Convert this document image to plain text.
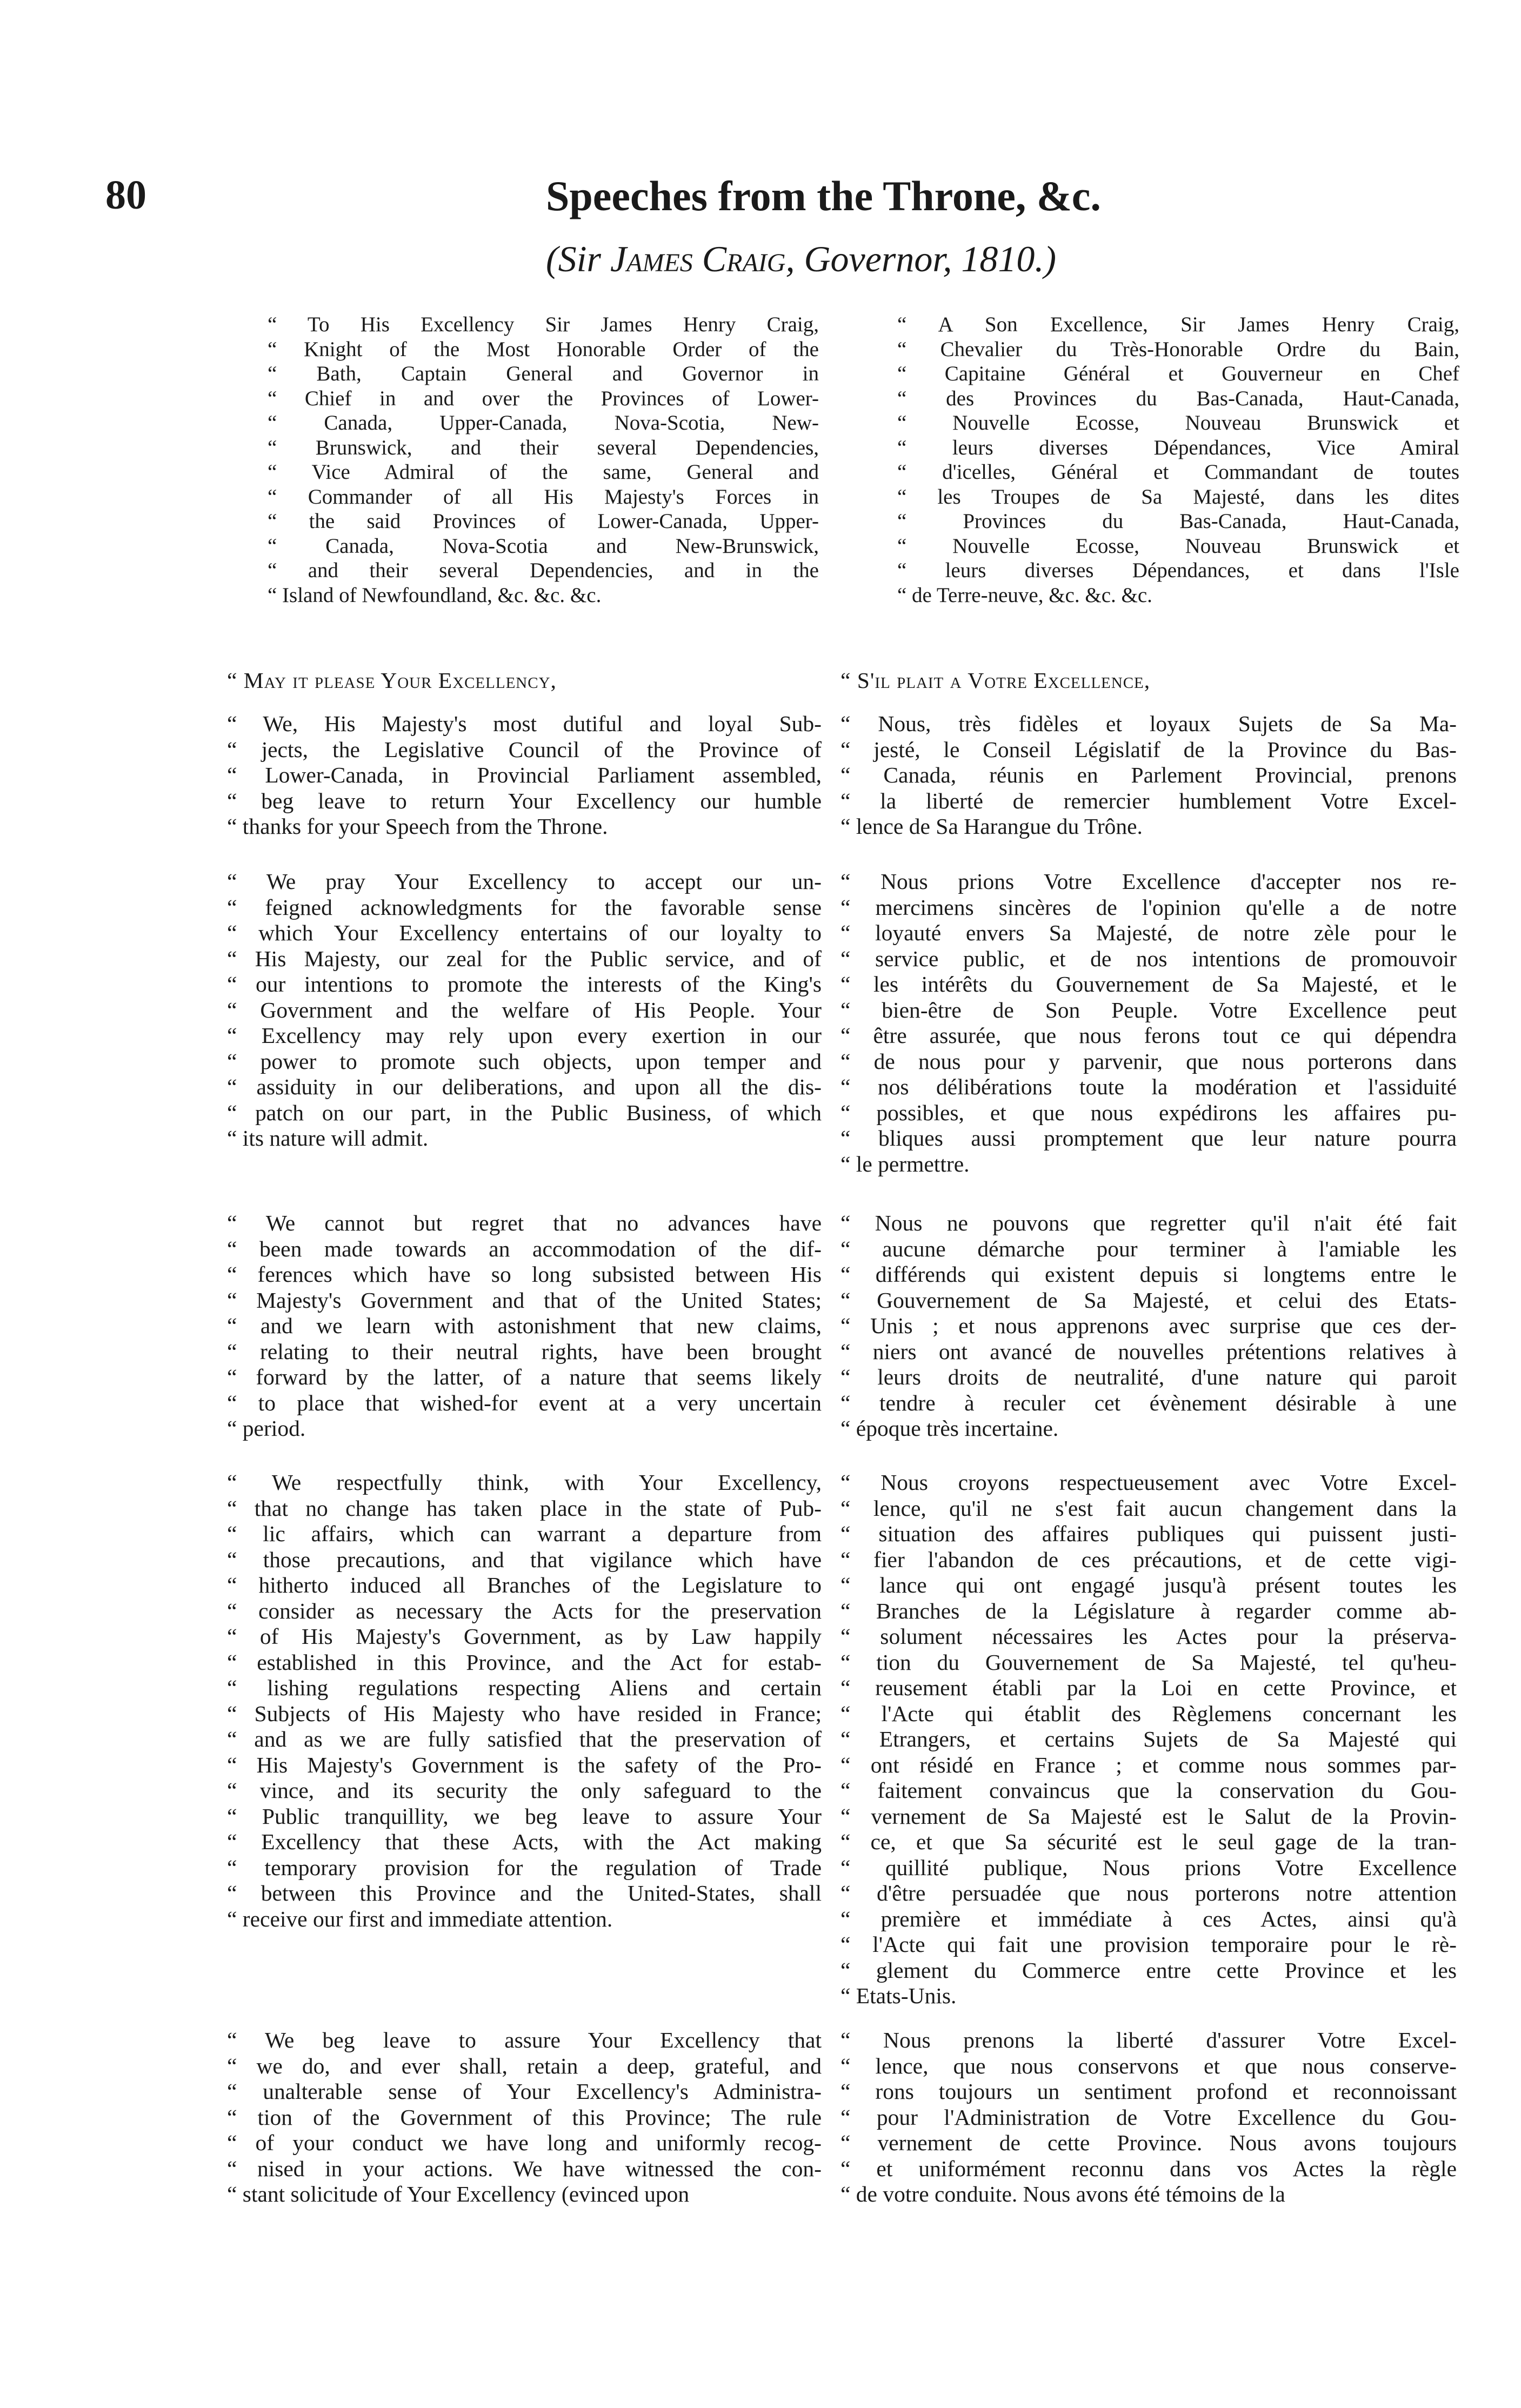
80	Speeches from the Throne, &c.
(Sir James Craig, Governor, 1810.)
“ To His Excellency Sir James Henry Craig,
“ Knight of the Most Honorable Order of the
“ Bath, Captain General and Governor in
“ Chief in and over the Provinces of Lower-
“ Canada, Upper-Canada, Nova-Scotia, New-
“ Brunswick, and their several Dependencies,
“ Vice Admiral of the same, General and
“ Commander of all His Majesty's Forces in
“ the said Provinces of Lower-Canada, Upper-
“ Canada, Nova-Scotia and New-Brunswick,
“ and their several Dependencies, and in the
“ Island of Newfoundland, &c. &c. &c.
“ May it please Your Excellency,
“ We, His Majesty's most dutiful and loyal Sub-
“ jects, the Legislative Council of the Province of
“ Lower-Canada, in Provincial Parliament assembled,
“ beg leave to return Your Excellency our humble
“ thanks for your Speech from the Throne.
“ We pray Your Excellency to accept our un-
“ feigned acknowledgments for the favorable sense
“ which Your Excellency entertains of our loyalty to
“ His Majesty, our zeal for the Public service, and of
“ our intentions to promote the interests of the King's
“ Government and the welfare of His People. Your
“ Excellency may rely upon every exertion in our
“ power to promote such objects, upon temper and
“ assiduity in our deliberations, and upon all the dis-
“ patch on our part, in the Public Business, of which
“ its nature will admit.
“ We cannot but regret that no advances have
“ been made towards an accommodation of the dif-
“ ferences which have so long subsisted between His
“ Majesty's Government and that of the United States;
“ and we learn with astonishment that new claims,
“ relating to their neutral rights, have been brought
“ forward by the latter, of a nature that seems likely
“ to place that wished-for event at a very uncertain
“ period.
“ We respectfully think, with Your Excellency,
“ that no change has taken place in the state of Pub-
“ lic affairs, which can warrant a departure from
“ those precautions, and that vigilance which have
“ hitherto induced all Branches of the Legislature to
“ consider as necessary the Acts for the preservation
“ of His Majesty's Government, as by Law happily
“ established in this Province, and the Act for estab-
“ lishing regulations respecting Aliens and certain
“ Subjects of His Majesty who have resided in France;
“ and as we are fully satisfied that the preservation of
“ His Majesty's Government is the safety of the Pro-
“ vince, and its security the only safeguard to the
“ Public tranquillity, we beg leave to assure Your
“ Excellency that these Acts, with the Act making
“ temporary provision for the regulation of Trade
“ between this Province and the United-States, shall
“ receive our first and immediate attention.
“ We beg leave to assure Your Excellency that
“ we do, and ever shall, retain a deep, grateful, and
“ unalterable sense of Your Excellency's Administra-
“ tion of the Government of this Province; The rule
“ of your conduct we have long and uniformly recog-
“ nised in your actions. We have witnessed the con-
“ stant solicitude of Your Excellency (evinced upon
“ A Son Excellence, Sir James Henry Craig,
“ Chevalier du Très-Honorable Ordre du Bain,
“ Capitaine Général et Gouverneur en Chef
“ des Provinces du Bas-Canada, Haut-Canada,
“ Nouvelle Ecosse, Nouveau Brunswick et
“ leurs diverses Dépendances, Vice Amiral
“ d'icelles, Général et Commandant de toutes
“ les Troupes de Sa Majesté, dans les dites
“ Provinces du Bas-Canada, Haut-Canada,
“ Nouvelle Ecosse, Nouveau Brunswick et
“ leurs diverses Dépendances, et dans l'Isle
“ de Terre-neuve, &c. &c. &c.
“ S'il plait a Votre Excellence,
“ Nous, très fidèles et loyaux Sujets de Sa Ma-
“ jesté, le Conseil Législatif de la Province du Bas-
“ Canada, réunis en Parlement Provincial, prenons
“ la liberté de remercier humblement Votre Excel-
“ lence de Sa Harangue du Trône.
“ Nous prions Votre Excellence d'accepter nos re-
“ mercimens sincères de l'opinion qu'elle a de notre
“ loyauté envers Sa Majesté, de notre zèle pour le
“ service public, et de nos intentions de promouvoir
“ les intérêts du Gouvernement de Sa Majesté, et le
“ bien-être de Son Peuple. Votre Excellence peut
“ être assurée, que nous ferons tout ce qui dépendra
“ de nous pour y parvenir, que nous porterons dans
“ nos délibérations toute la modération et l'assiduité
“ possibles, et que nous expédirons les affaires pu-
“ bliques aussi promptement que leur nature pourra
“ le permettre.
“ Nous ne pouvons que regretter qu'il n'ait été fait
“ aucune démarche pour terminer à l'amiable les
“ différends qui existent depuis si longtems entre le
“ Gouvernement de Sa Majesté, et celui des Etats-
“ Unis ; et nous apprenons avec surprise que ces der-
“ niers ont avancé de nouvelles prétentions relatives à
“ leurs droits de neutralité, d'une nature qui paroit
“ tendre à reculer cet évènement désirable à une
“ époque très incertaine.
“ Nous croyons respectueusement avec Votre Excel-
“ lence, qu'il ne s'est fait aucun changement dans la
“ situation des affaires publiques qui puissent justi-
“ fier l'abandon de ces précautions, et de cette vigi-
“ lance qui ont engagé jusqu'à présent toutes les
“ Branches de la Législature à regarder comme ab-
“ solument nécessaires les Actes pour la préserva-
“ tion du Gouvernement de Sa Majesté, tel qu'heu-
“ reusement établi par la Loi en cette Province, et
“ l'Acte qui établit des Règlemens concernant les
“ Etrangers, et certains Sujets de Sa Majesté qui
“ ont résidé en France ; et comme nous sommes par-
“ faitement convaincus que la conservation du Gou-
“ vernement de Sa Majesté est le Salut de la Provin-
“ ce, et que Sa sécurité est le seul gage de la tran-
“ quillité publique, Nous prions Votre Excellence
“ d'être persuadée que nous porterons notre attention
“ première et immédiate à ces Actes, ainsi qu'à
“ l'Acte qui fait une provision temporaire pour le rè-
“ glement du Commerce entre cette Province et les
“ Etats-Unis.
“ Nous prenons la liberté d'assurer Votre Excel-
“ lence, que nous conservons et que nous conserve-
“ rons toujours un sentiment profond et reconnoissant
“ pour l'Administration de Votre Excellence du Gou-
“ vernement de cette Province. Nous avons toujours
“ et uniformément reconnu dans vos Actes la règle
“ de votre conduite. Nous avons été témoins de la
